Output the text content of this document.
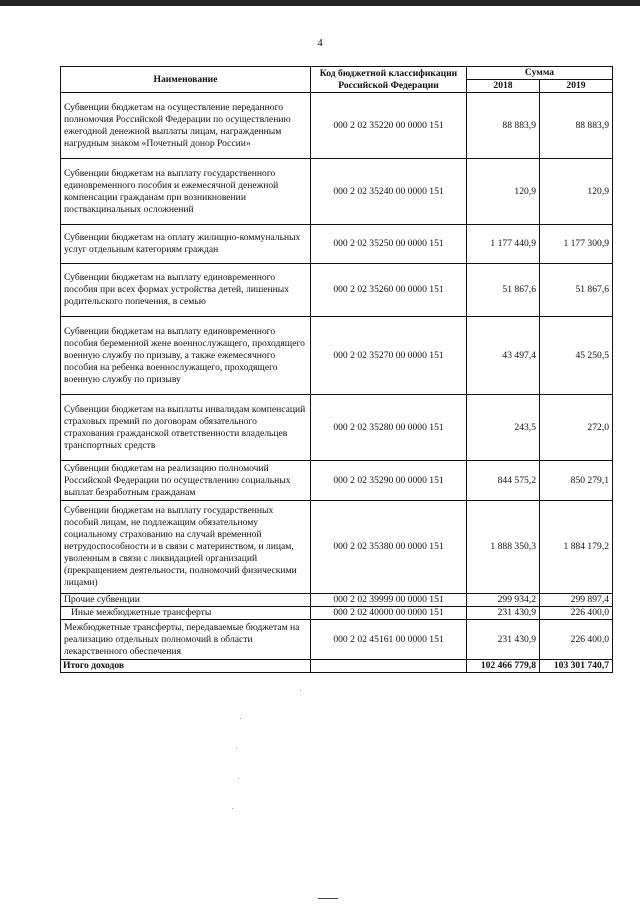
4
Наименование	Код бюджетной классификации Российской Федерации	Сумма	
		2018	2019
Субвенции бюджетам на осуществление переданного полномочия Российской Федерации по осуществлению ежегодной денежной выплаты лицам, награжденным нагрудным знаком «Почетный донор России»	000 2 02 35220 00 0000 151	88 883,9	88 883,9
Субвенции бюджетам на выплату государственного единовременного пособия и ежемесячной денежной компенсации гражданам при возникновении поствакцинальных осложнений	000 2 02 35240 00 0000 151	120,9	120,9
Субвенции бюджетам на оплату жилищно-коммунальных услуг отдельным категориям граждан	000 2 02 35250 00 0000 151	1 177 440,9	1 177 300,9
Субвенции бюджетам на выплату единовременного пособия при всех формах устройства детей, лишенных родительского попечения, в семью	000 2 02 35260 00 0000 151	51 867,6	51 867,6
Субвенции бюджетам на выплату единовременного пособия беременной жене военнослужащего, проходящего военную службу по призыву, а также ежемесячного пособия на ребенка военнослужащего, проходящего военную службу по призыву	000 2 02 35270 00 0000 151	43 497,4	45 250,5
Субвенции бюджетам на выплаты инвалидам компенсаций страховых премий по договорам обязательного страхования гражданской ответственности владельцев транспортных средств	000 2 02 35280 00 0000 151	243,5	272,0
Субвенции бюджетам на реализацию полномочий Российской Федерации по осуществлению социальных выплат безработным гражданам	000 2 02 35290 00 0000 151	844 575,2	850 279,1
Субвенции бюджетам на выплату государственных пособий лицам, не подлежащим обязательному социальному страхованию на случай временной нетрудоспособности и в связи с материнством, и лицам, уволенным в связи с ликвидацией организаций (прекращением деятельности, полномочий физическими лицами)	000 2 02 35380 00 0000 151	1 888 350,3	1 884 179,2
Прочие субвенции	000 2 02 39999 00 0000 151	299 934,2	299 897,4
Иные межбюджетные трансферты	000 2 02 40000 00 0000 151	231 430,9	226 400,0
Межбюджетные трансферты, передаваемые бюджетам на реализацию отдельных полномочий в области лекарственного обеспечения	000 2 02 45161 00 0000 151	231 430,9	226 400,0
Итого доходов		102 466 779,8	103 301 740,7
